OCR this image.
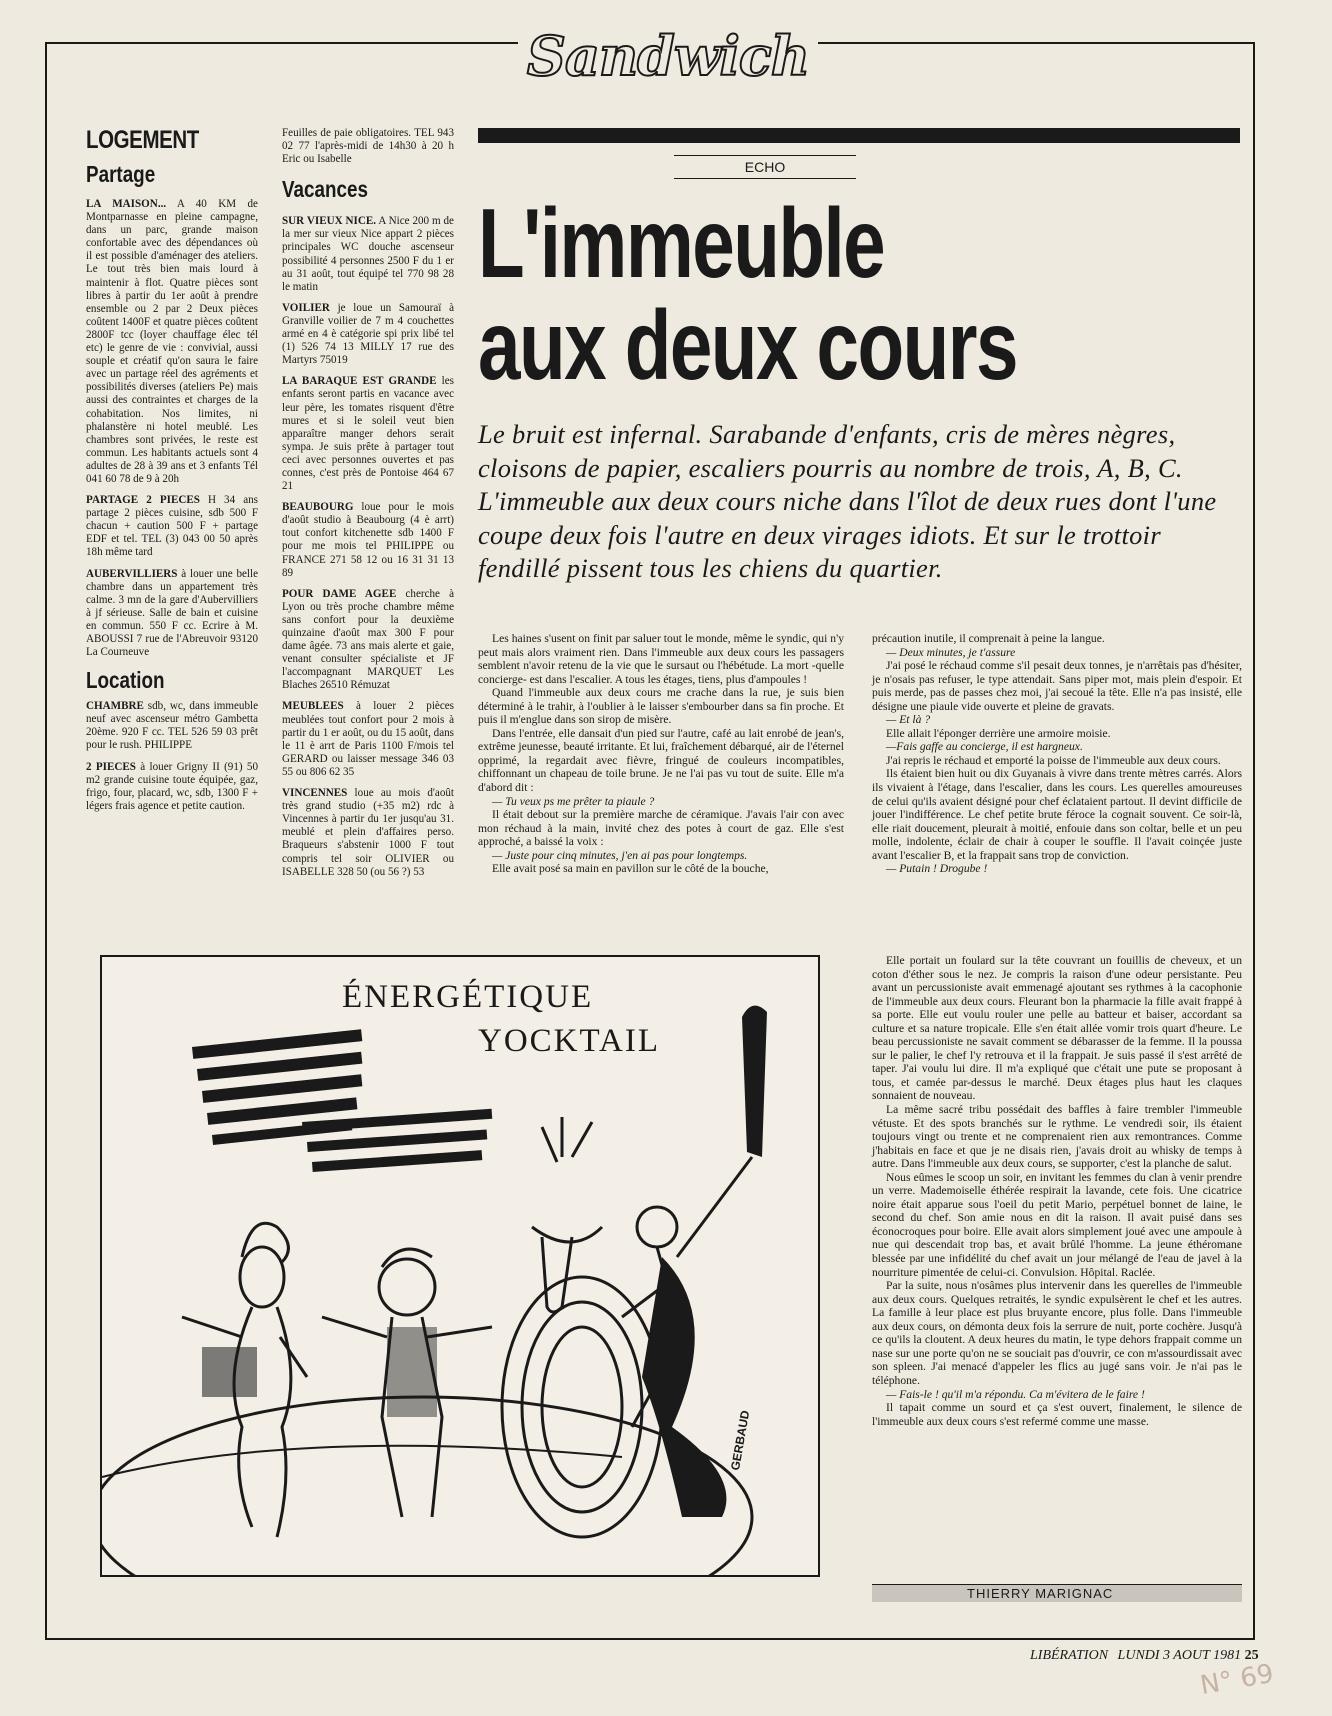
Sandwich
LOGEMENT
Partage

LA MAISON... A 40 KM de Montparnasse en pleine campagne, dans un parc, grande maison confortable avec des dépendances où il est possible d'aménager des ateliers. Le tout très bien mais lourd à maintenir à flot. Quatre pièces sont libres à partir du 1er août à prendre ensemble ou 2 par 2 Deux pièces coûtent 1400F et quatre pièces coûtent 2800F tcc (loyer chauffage élec tél etc) le genre de vie : convivial, aussi souple et créatif qu'on saura le faire avec un partage réel des agréments et possibilités diverses (ateliers Pe) mais aussi des contraintes et charges de la cohabitation. Nos limites, ni phalanstère ni hotel meublé. Les chambres sont privées, le reste est commun. Les habitants actuels sont 4 adultes de 28 à 39 ans et 3 enfants Tél 041 60 78 de 9 à 20h

PARTAGE 2 PIECES H 34 ans partage 2 pièces cuisine, sdb 500 F chacun + caution 500 F + partage EDF et tel. TEL (3) 043 00 50 après 18h même tard

AUBERVILLIERS à louer une belle chambre dans un appartement très calme. 3 mn de la gare d'Aubervilliers à jf sérieuse. Salle de bain et cuisine en commun. 550 F cc. Ecrire à M. ABOUSSI 7 rue de l'Abreuvoir 93120 La Courneuve

Location

CHAMBRE sdb, wc, dans immeuble neuf avec ascenseur métro Gambetta 20ème. 920 F cc. TEL 526 59 03 prêt pour le rush. PHILIPPE

2 PIECES à louer Grigny II (91) 50 m2 grande cuisine toute équipée, gaz, frigo, four, placard, wc, sdb, 1300 F + légers frais agence et petite caution.

Feuilles de paie obligatoires. TEL 943 02 77 l'après-midi de 14h30 à 20 h Eric ou Isabelle

Vacances

SUR VIEUX NICE. A Nice 200 m de la mer sur vieux Nice appart 2 pièces principales WC douche ascenseur possibilité 4 personnes 2500 F du 1 er au 31 août, tout équipé tel 770 98 28 le matin

VOILIER je loue un Samouraï à Granville voilier de 7 m 4 couchettes armé en 4 è catégorie spi prix libé tel (1) 526 74 13 MILLY 17 rue des Martyrs 75019

LA BARAQUE EST GRANDE les enfants seront partis en vacance avec leur père, les tomates risquent d'être mures et si le soleil veut bien apparaître manger dehors serait sympa. Je suis prête à partager tout ceci avec personnes ouvertes et pas connes, c'est près de Pontoise 464 67 21

BEAUBOURG loue pour le mois d'août studio à Beaubourg (4 è arrt) tout confort kitchenette sdb 1400 F pour me mois tel PHILIPPE ou FRANCE 271 58 12 ou 16 31 31 13 89

POUR DAME AGEE cherche à Lyon ou très proche chambre même sans confort pour la deuxième quinzaine d'août max 300 F pour dame âgée. 73 ans mais alerte et gaie, venant consulter spécialiste et JF l'accompagnant MARQUET Les Blaches 26510 Rémuzat

MEUBLEES à louer 2 pièces meublées tout confort pour 2 mois à partir du 1 er août, ou du 15 août, dans le 11 è arrt de Paris 1100 F/mois tel GERARD ou laisser message 346 03 55 ou 806 62 35

VINCENNES loue au mois d'août très grand studio (+35 m2) rdc à Vincennes à partir du 1er jusqu'au 31. meublé et plein d'affaires perso. Braqueurs s'abstenir 1000 F tout compris tel soir OLIVIER ou ISABELLE 328 50 (ou 56 ?) 53

ECHO
L'immeuble
aux deux cours
Le bruit est infernal. Sarabande d'enfants, cris de mères nègres, cloisons de papier, escaliers pourris au nombre de trois, A, B, C. L'immeuble aux deux cours niche dans l'îlot de deux rues dont l'une coupe deux fois l'autre en deux virages idiots. Et sur le trottoir fendillé pissent tous les chiens du quartier.

Les haines s'usent on finit par saluer tout le monde, même le syndic, qui n'y peut mais alors vraiment rien. Dans l'immeuble aux deux cours les passagers semblent n'avoir retenu de la vie que le sursaut ou l'hébétude. La mort -quelle concierge- est dans l'escalier. A tous les étages, tiens, plus d'ampoules !

Quand l'immeuble aux deux cours me crache dans la rue, je suis bien déterminé à le trahir, à l'oublier à le laisser s'embourber dans sa fin proche. Et puis il m'englue dans son sirop de misère.

Dans l'entrée, elle dansait d'un pied sur l'autre, café au lait enrobé de jean's, extrême jeunesse, beauté irritante. Et lui, fraîchement débarqué, air de l'éternel opprimé, la regardait avec fièvre, fringué de couleurs incompatibles, chiffonnant un chapeau de toile brune. Je ne l'ai pas vu tout de suite. Elle m'a d'abord dit :

— Tu veux ps me prêter ta piaule ?

Il était debout sur la première marche de céramique. J'avais l'air con avec mon réchaud à la main, invité chez des potes à court de gaz. Elle s'est approché, a baissé la voix :

— Juste pour cinq minutes, j'en ai pas pour longtemps.

Elle avait posé sa main en pavillon sur le côté de la bouche,

précaution inutile, il comprenait à peine la langue.

— Deux minutes, je t'assure

J'ai posé le réchaud comme s'il pesait deux tonnes, je n'arrêtais pas d'hésiter, je n'osais pas refuser, le type attendait. Sans piper mot, mais plein d'espoir. Et puis merde, pas de passes chez moi, j'ai secoué la tête. Elle n'a pas insisté, elle désigne une piaule vide ouverte et pleine de gravats.

— Et là ?

Elle allait l'éponger derrière une armoire moisie.

—Fais gaffe au concierge, il est hargneux.

J'ai repris le réchaud et emporté la poisse de l'immeuble aux deux cours.

Ils étaient bien huit ou dix Guyanais à vivre dans trente mètres carrés. Alors ils vivaient à l'étage, dans l'escalier, dans les cours. Les querelles amoureuses de celui qu'ils avaient désigné pour chef éclataient partout. Il devint difficile de jouer l'indifférence. Le chef petite brute féroce la cognait souvent. Ce soir-là, elle riait doucement, pleurait à moitié, enfouie dans son coltar, belle et un peu molle, indolente, éclair de chair à couper le souffle. Il l'avait coinçée juste avant l'escalier B, et la frappait sans trop de conviction.

— Putain ! Drogube !

Elle portait un foulard sur la tête couvrant un fouillis de cheveux, et un coton d'éther sous le nez. Je compris la raison d'une odeur persistante. Peu avant un percussioniste avait emmenagé ajoutant ses rythmes à la cacophonie de l'immeuble aux deux cours. Fleurant bon la pharmacie la fille avait frappé à sa porte. Elle eut voulu rouler une pelle au batteur et baiser, accordant sa culture et sa nature tropicale. Elle s'en était allée vomir trois quart d'heure. Le beau percussioniste ne savait comment se débarasser de la femme. Il la poussa sur le palier, le chef l'y retrouva et il la frappait. Je suis passé il s'est arrêté de taper. J'ai voulu lui dire. Il m'a expliqué que c'était une pute se proposant à tous, et camée par-dessus le marché. Deux étages plus haut les claques sonnaient de nouveau.

La même sacré tribu possédait des baffles à faire trembler l'immeuble vétuste. Et des spots branchés sur le rythme. Le vendredi soir, ils étaient toujours vingt ou trente et ne comprenaient rien aux remontrances. Comme j'habitais en face et que je ne disais rien, j'avais droit au whisky de temps à autre. Dans l'immeuble aux deux cours, se supporter, c'est la planche de salut.

Nous eûmes le scoop un soir, en invitant les femmes du clan à venir prendre un verre. Mademoiselle éthérée respirait la lavande, cete fois. Une cicatrice noire était apparue sous l'oeil du petit Mario, perpétuel bonnet de laine, le second du chef. Son amie nous en dit la raison. Il avait puisé dans ses éconocroques pour boire. Elle avait alors simplement joué avec une ampoule à nue qui descendait trop bas, et avait brûlé l'homme. La jeune éthéromane blessée par une infidélité du chef avait un jour mélangé de l'eau de javel à la nourriture pimentée de celui-ci. Convulsion. Hôpital. Raclée.

Par la suite, nous n'osâmes plus intervenir dans les querelles de l'immeuble aux deux cours. Quelques retraités, le syndic expulsèrent le chef et les autres. La famille à leur place est plus bruyante encore, plus folle. Dans l'immeuble aux deux cours, on démonta deux fois la serrure de nuit, porte cochère. Jusqu'à ce qu'ils la cloutent. A deux heures du matin, le type dehors frappait comme un nase sur une porte qu'on ne se souciait pas d'ouvrir, ce con m'assourdissait avec son spleen. J'ai menacé d'appeler les flics au jugé sans voir. Je n'ai pas le téléphone.

— Fais-le ! qu'il m'a répondu. Ca m'évitera de le faire !

Il tapait comme un sourd et ça s'est ouvert, finalement, le silence de l'immeuble aux deux cours s'est refermé comme une masse.

ÉNERGÉTIQUE
YOCKTAIL
GERBAUD
THIERRY MARIGNAC
LIBÉRATION LUNDI 3 AOUT 1981 25
N° 69
